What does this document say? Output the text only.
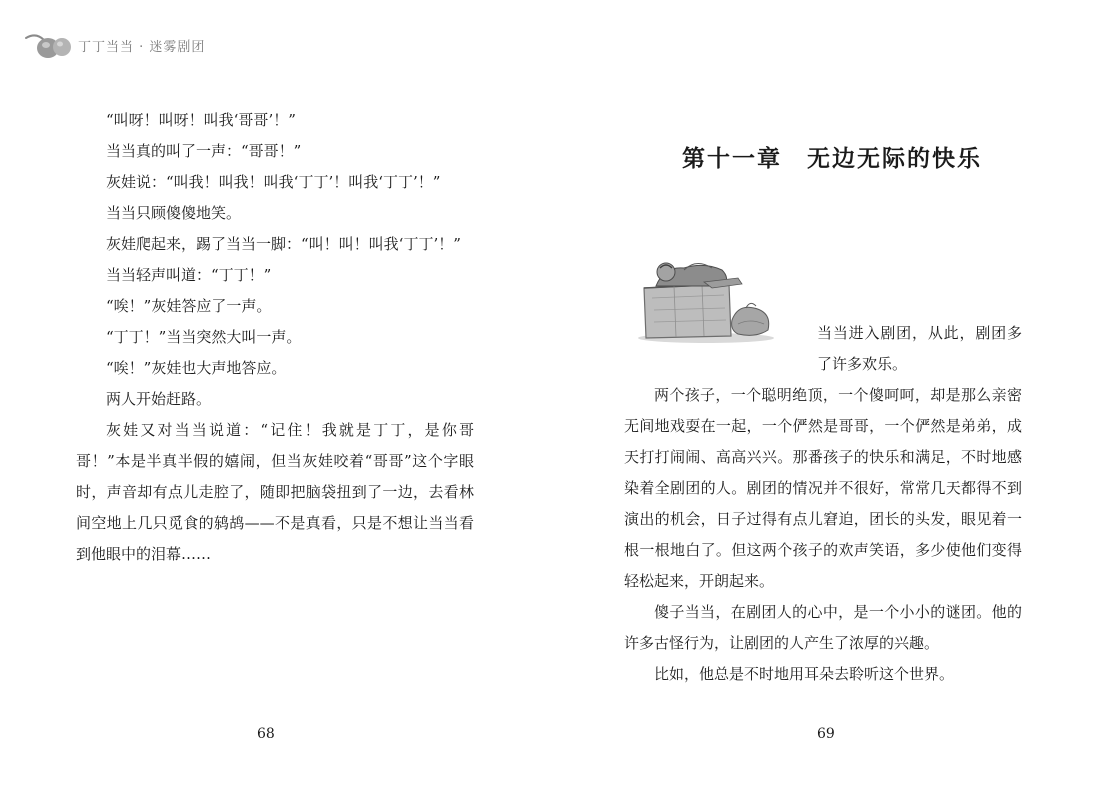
丁丁当当 · 迷雾剧团

“叫呀！叫呀！叫我‘哥哥’！”

当当真的叫了一声：“哥哥！”

灰娃说：“叫我！叫我！叫我‘丁丁’！叫我‘丁丁’！”

当当只顾傻傻地笑。

灰娃爬起来，踢了当当一脚：“叫！叫！叫我‘丁丁’！”

当当轻声叫道：“丁丁！”

“唉！”灰娃答应了一声。

“丁丁！”当当突然大叫一声。

“唉！”灰娃也大声地答应。

两人开始赶路。

灰娃又对当当说道：“记住！我就是丁丁，是你哥哥！”本是半真半假的嬉闹，但当灰娃咬着“哥哥”这个字眼时，声音却有点儿走腔了，随即把脑袋扭到了一边，去看林间空地上几只觅食的鸫鸪——不是真看，只是不想让当当看到他眼中的泪幕……

68
第十一章　无边无际的快乐

当当进入剧团，从此，剧团多了许多欢乐。

两个孩子，一个聪明绝顶，一个傻呵呵，却是那么亲密无间地戏耍在一起，一个俨然是哥哥，一个俨然是弟弟，成天打打闹闹、高高兴兴。那番孩子的快乐和满足，不时地感染着全剧团的人。剧团的情况并不很好，常常几天都得不到演出的机会，日子过得有点儿窘迫，团长的头发，眼见着一根一根地白了。但这两个孩子的欢声笑语，多少使他们变得轻松起来，开朗起来。

傻子当当，在剧团人的心中，是一个小小的谜团。他的许多古怪行为，让剧团的人产生了浓厚的兴趣。

比如，他总是不时地用耳朵去聆听这个世界。

69
